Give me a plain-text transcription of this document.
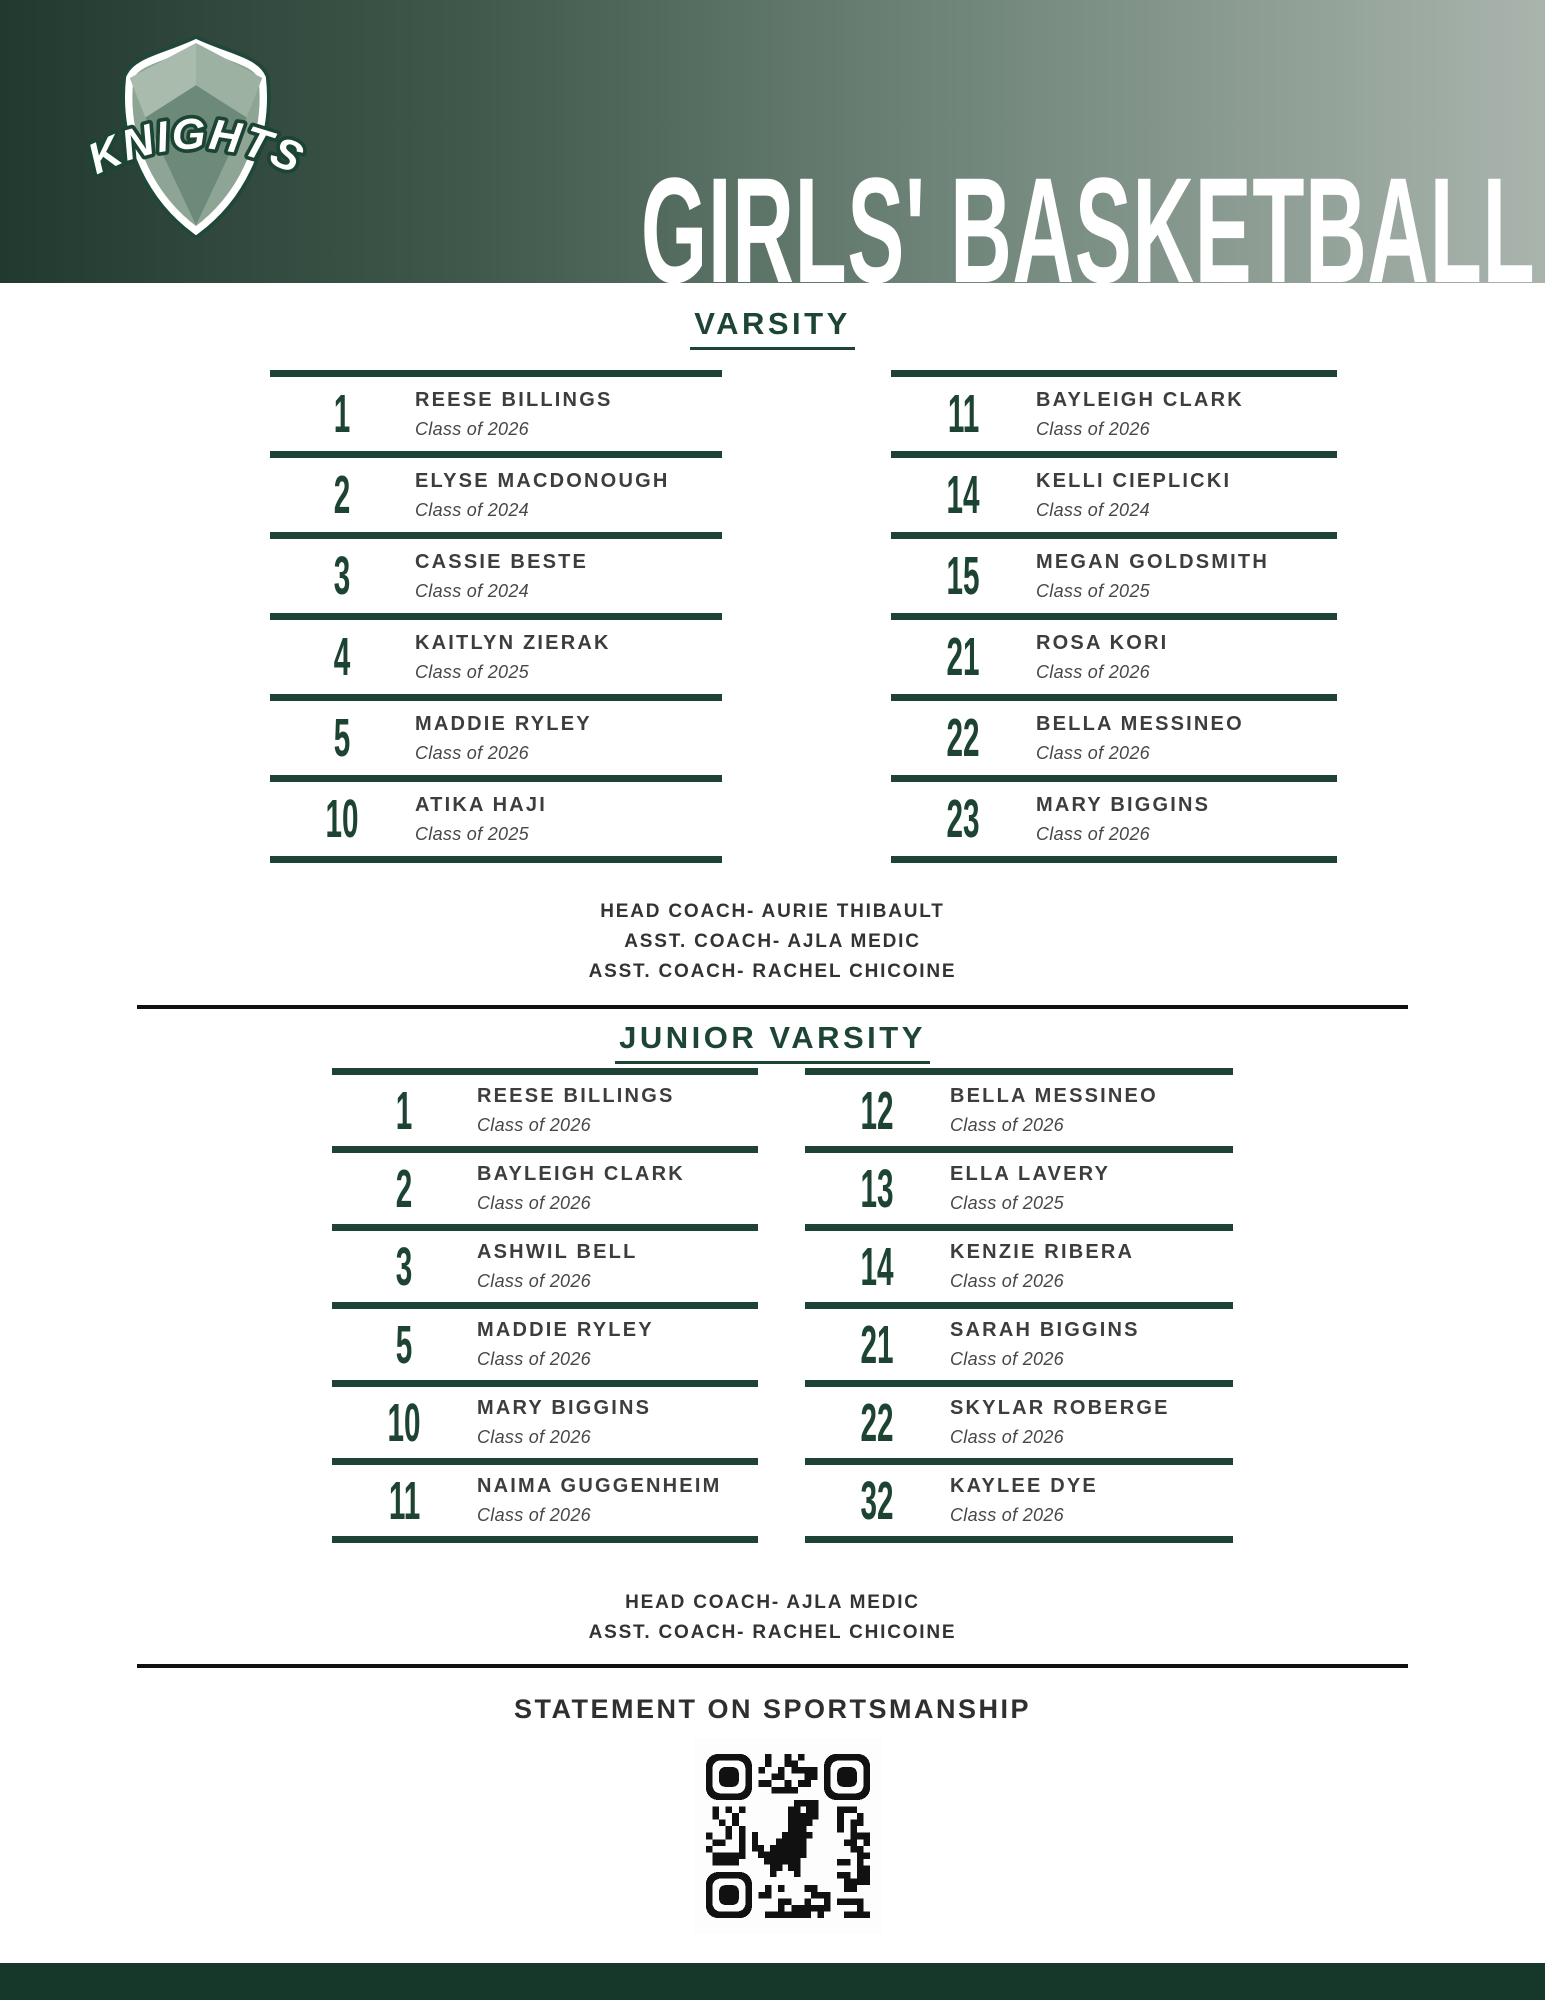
KNIGHTS GIRLS' BASKETBALL
VARSITY
1	REESE BILLINGS
Class of 2026
2	ELYSE MACDONOUGH
Class of 2024
3	CASSIE BESTE
Class of 2024
4	KAITLYN ZIERAK
Class of 2025
5	MADDIE RYLEY
Class of 2026
10	ATIKA HAJI
Class of 2025
11	BAYLEIGH CLARK
Class of 2026
14	KELLI CIEPLICKI
Class of 2024
15	MEGAN GOLDSMITH
Class of 2025
21	ROSA KORI
Class of 2026
22	BELLA MESSINEO
Class of 2026
23	MARY BIGGINS
Class of 2026
HEAD COACH- AURIE THIBAULT
ASST. COACH- AJLA MEDIC
ASST. COACH- RACHEL CHICOINE
JUNIOR VARSITY
1	REESE BILLINGS
Class of 2026
2	BAYLEIGH CLARK
Class of 2026
3	ASHWIL BELL
Class of 2026
5	MADDIE RYLEY
Class of 2026
10	MARY BIGGINS
Class of 2026
11	NAIMA GUGGENHEIM
Class of 2026
12	BELLA MESSINEO
Class of 2026
13	ELLA LAVERY
Class of 2025
14	KENZIE RIBERA
Class of 2026
21	SARAH BIGGINS
Class of 2026
22	SKYLAR ROBERGE
Class of 2026
32	KAYLEE DYE
Class of 2026
HEAD COACH- AJLA MEDIC
ASST. COACH- RACHEL CHICOINE
STATEMENT ON SPORTSMANSHIP
